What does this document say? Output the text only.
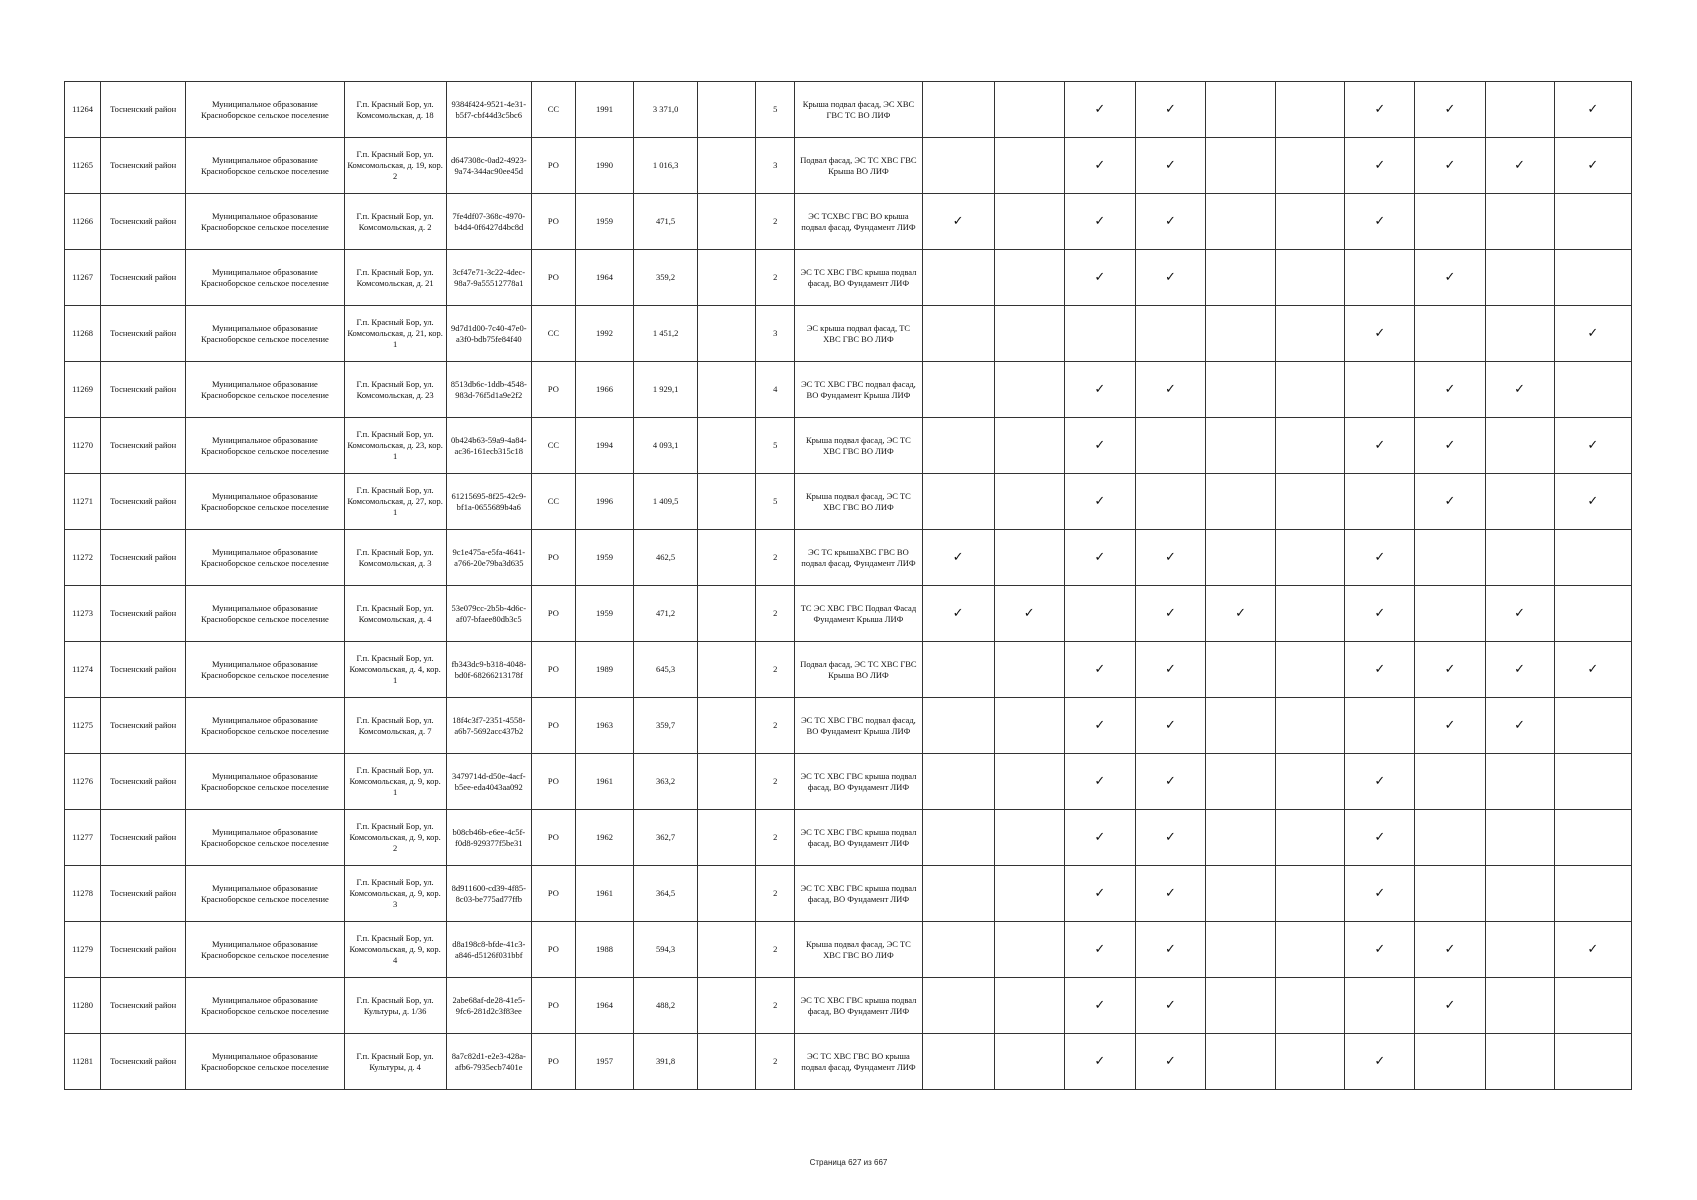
11264	Тосненский район	Муниципальное образование Красноборское сельское поселение	Г.п. Красный Бор, ул. Комсомольская, д. 18	9384f424-9521-4e31-b5f7-cbf44d3c5bc6	СС	1991	3 371,0		5	Крыша подвал фасад, ЭС ХВС ГВС ТС ВО ЛИФ			✓	✓			✓	✓		✓
11265	Тосненский район	Муниципальное образование Красноборское сельское поселение	Г.п. Красный Бор, ул. Комсомольская, д. 19, кор. 2	d647308c-0ad2-4923-9a74-344ac90ee45d	РО	1990	1 016,3		3	Подвал фасад, ЭС ТС ХВС ГВС Крыша ВО ЛИФ			✓	✓			✓	✓	✓	✓
11266	Тосненский район	Муниципальное образование Красноборское сельское поселение	Г.п. Красный Бор, ул. Комсомольская, д. 2	7fe4df07-368c-4970-b4d4-0f6427d4bc8d	РО	1959	471,5		2	ЭС ТСХВС ГВС ВО крыша подвал фасад, Фундамент ЛИФ	✓		✓	✓			✓			
11267	Тосненский район	Муниципальное образование Красноборское сельское поселение	Г.п. Красный Бор, ул. Комсомольская, д. 21	3cf47e71-3c22-4dec-98a7-9a55512778a1	РО	1964	359,2		2	ЭС ТС ХВС ГВС крыша подвал фасад, ВО Фундамент ЛИФ			✓	✓				✓		
11268	Тосненский район	Муниципальное образование Красноборское сельское поселение	Г.п. Красный Бор, ул. Комсомольская, д. 21, кор. 1	9d7d1d00-7c40-47e0-a3f0-bdb75fe84f40	СС	1992	1 451,2		3	ЭС крыша подвал фасад, ТС ХВС ГВС ВО ЛИФ							✓			✓
11269	Тосненский район	Муниципальное образование Красноборское сельское поселение	Г.п. Красный Бор, ул. Комсомольская, д. 23	8513db6c-1ddb-4548-983d-76f5d1a9e2f2	РО	1966	1 929,1		4	ЭС ТС ХВС ГВС подвал фасад, ВО Фундамент Крыша ЛИФ			✓	✓				✓	✓	
11270	Тосненский район	Муниципальное образование Красноборское сельское поселение	Г.п. Красный Бор, ул. Комсомольская, д. 23, кор. 1	0b424b63-59a9-4a84-ac36-161ecb315c18	СС	1994	4 093,1		5	Крыша подвал фасад, ЭС ТС ХВС ГВС ВО ЛИФ			✓				✓	✓		✓
11271	Тосненский район	Муниципальное образование Красноборское сельское поселение	Г.п. Красный Бор, ул. Комсомольская, д. 27, кор. 1	61215695-8f25-42c9-bf1a-0655689b4a6	СС	1996	1 409,5		5	Крыша подвал фасад, ЭС ТС ХВС ГВС ВО ЛИФ			✓					✓		✓
11272	Тосненский район	Муниципальное образование Красноборское сельское поселение	Г.п. Красный Бор, ул. Комсомольская, д. 3	9c1e475a-e5fa-4641-a766-20e79ba3d635	РО	1959	462,5		2	ЭС ТС крышаХВС ГВС ВО подвал фасад, Фундамент ЛИФ	✓		✓	✓			✓			
11273	Тосненский район	Муниципальное образование Красноборское сельское поселение	Г.п. Красный Бор, ул. Комсомольская, д. 4	53e079cc-2b5b-4d6c-af07-bfaee80db3c5	РО	1959	471,2		2	ТС ЭС ХВС ГВС Подвал Фасад Фундамент Крыша ЛИФ	✓	✓		✓	✓		✓		✓	
11274	Тосненский район	Муниципальное образование Красноборское сельское поселение	Г.п. Красный Бор, ул. Комсомольская, д. 4, кор. 1	fb343dc9-b318-4048-bd0f-68266213178f	РО	1989	645,3		2	Подвал фасад, ЭС ТС ХВС ГВС Крыша ВО ЛИФ			✓	✓			✓	✓	✓	✓
11275	Тосненский район	Муниципальное образование Красноборское сельское поселение	Г.п. Красный Бор, ул. Комсомольская, д. 7	18f4c3f7-2351-4558-a6b7-5692acc437b2	РО	1963	359,7		2	ЭС ТС ХВС ГВС подвал фасад, ВО Фундамент Крыша ЛИФ			✓	✓				✓	✓	
11276	Тосненский район	Муниципальное образование Красноборское сельское поселение	Г.п. Красный Бор, ул. Комсомольская, д. 9, кор. 1	3479714d-d50e-4acf-b5ee-eda4043aa092	РО	1961	363,2		2	ЭС ТС ХВС ГВС крыша подвал фасад, ВО Фундамент ЛИФ			✓	✓			✓			
11277	Тосненский район	Муниципальное образование Красноборское сельское поселение	Г.п. Красный Бор, ул. Комсомольская, д. 9, кор. 2	b08cb46b-e6ee-4c5f-f0d8-929377f5be31	РО	1962	362,7		2	ЭС ТС ХВС ГВС крыша подвал фасад, ВО Фундамент ЛИФ			✓	✓			✓			
11278	Тосненский район	Муниципальное образование Красноборское сельское поселение	Г.п. Красный Бор, ул. Комсомольская, д. 9, кор. 3	8d911600-cd39-4f85-8c03-be775ad77ffb	РО	1961	364,5		2	ЭС ТС ХВС ГВС крыша подвал фасад, ВО Фундамент ЛИФ			✓	✓			✓			
11279	Тосненский район	Муниципальное образование Красноборское сельское поселение	Г.п. Красный Бор, ул. Комсомольская, д. 9, кор. 4	d8a198c8-bfde-41c3-a846-d5126f031bbf	РО	1988	594,3		2	Крыша подвал фасад, ЭС ТС ХВС ГВС ВО ЛИФ			✓	✓			✓	✓		✓
11280	Тосненский район	Муниципальное образование Красноборское сельское поселение	Г.п. Красный Бор, ул. Культуры, д. 1/36	2abe68af-de28-41e5-9fc6-281d2c3f83ee	РО	1964	488,2		2	ЭС ТС ХВС ГВС крыша подвал фасад, ВО Фундамент ЛИФ			✓	✓				✓		
11281	Тосненский район	Муниципальное образование Красноборское сельское поселение	Г.п. Красный Бор, ул. Культуры, д. 4	8a7c82d1-e2e3-428a-afb6-7935ecb7401e	РО	1957	391,8		2	ЭС ТС ХВС ГВС ВО крыша подвал фасад, Фундамент ЛИФ			✓	✓			✓			
Страница 627 из 667
